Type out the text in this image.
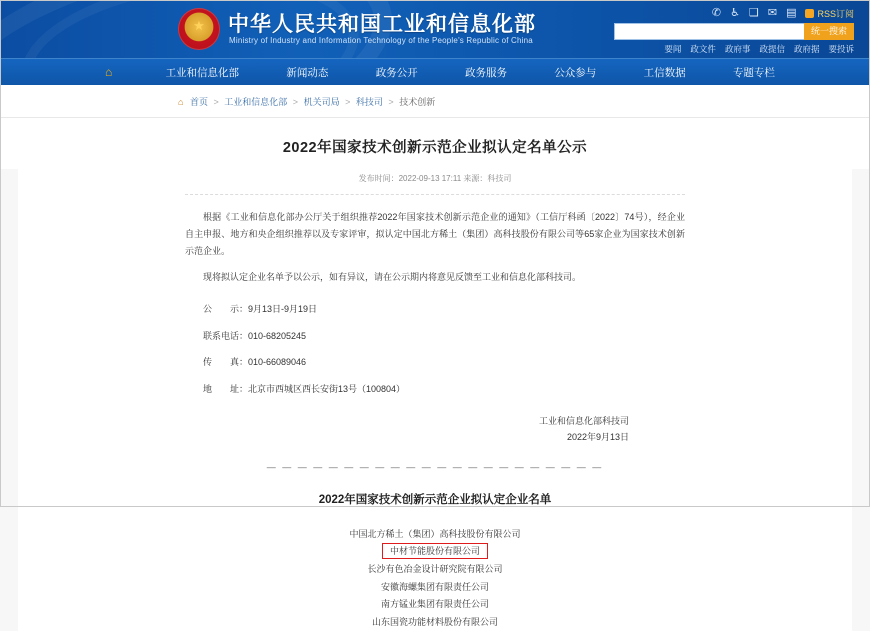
★
中华人民共和国工业和信息化部
Ministry of Industry and Information Technology of the People's Republic of China
✆ ♿ ❑ ✉ ▤ RSS订阅
统一搜索
要闻 政文件 政府事 政提信 政府据 要投诉
⌂	工业和信息化部	新闻动态	政务公开	政务服务	公众参与	工信数据	专题专栏
⌂ 首页 > 工业和信息化部 > 机关司局 > 科技司 > 技术创新
2022年国家技术创新示范企业拟认定名单公示
发布时间：2022-09-13 17:11 来源：科技司

根据《工业和信息化部办公厅关于组织推荐2022年国家技术创新示范企业的通知》（工信厅科函〔2022〕74号），经企业自主申报、地方和央企组织推荐以及专家评审，拟认定中国北方稀土（集团）高科技股份有限公司等65家企业为国家技术创新示范企业。

现将拟认定企业名单予以公示，如有异议，请在公示期内将意见反馈至工业和信息化部科技司。

公　　示：9月13日-9月19日

联系电话：010-68205245

传　　真：010-66089046

地　　址：北京市西城区西长安街13号（100804）

工业和信息化部科技司
2022年9月13日
— — — — — — — — — — — — — — — — — — — — — —
2022年国家技术创新示范企业拟认定企业名单
中国北方稀土（集团）高科技股份有限公司
中材节能股份有限公司
长沙有色冶金设计研究院有限公司
安徽海螺集团有限责任公司
南方锰业集团有限责任公司
山东国瓷功能材料股份有限公司
